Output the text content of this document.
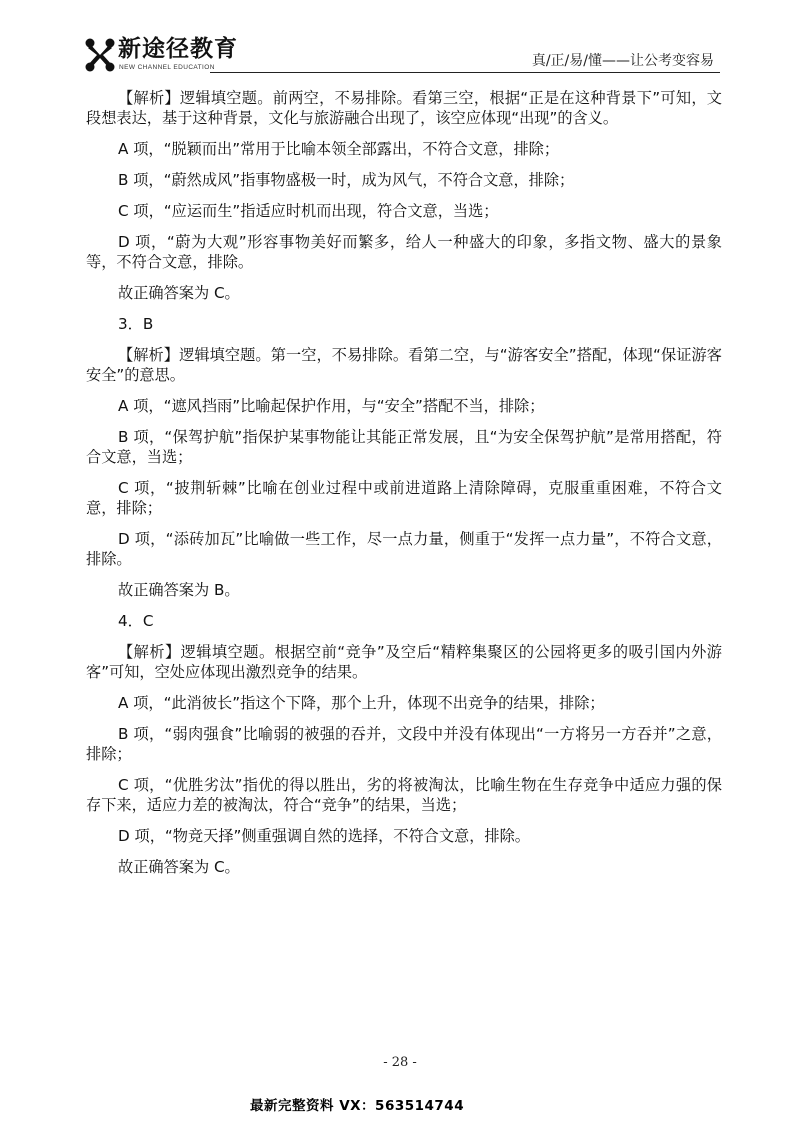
新途径教育
NEW CHANNEL EDUCATION	真/正/易/懂——让公考变容易

【解析】逻辑填空题。前两空，不易排除。看第三空，根据“正是在这种背景下”可知，文段想表达，基于这种背景，文化与旅游融合出现了，该空应体现“出现”的含义。

A 项，“脱颖而出”常用于比喻本领全部露出，不符合文意，排除；

B 项，“蔚然成风”指事物盛极一时，成为风气，不符合文意，排除；

C 项，“应运而生”指适应时机而出现，符合文意，当选；

D 项，“蔚为大观”形容事物美好而繁多，给人一种盛大的印象，多指文物、盛大的景象等，不符合文意，排除。

故正确答案为 C。

3．B

【解析】逻辑填空题。第一空，不易排除。看第二空，与“游客安全”搭配，体现“保证游客安全”的意思。

A 项，“遮风挡雨”比喻起保护作用，与“安全”搭配不当，排除；

B 项，“保驾护航”指保护某事物能让其能正常发展，且“为安全保驾护航”是常用搭配，符合文意，当选；

C 项，“披荆斩棘”比喻在创业过程中或前进道路上清除障碍，克服重重困难，不符合文意，排除；

D 项，“添砖加瓦”比喻做一些工作，尽一点力量，侧重于“发挥一点力量”，不符合文意，排除。

故正确答案为 B。

4．C

【解析】逻辑填空题。根据空前“竞争”及空后“精粹集聚区的公园将更多的吸引国内外游客”可知，空处应体现出激烈竞争的结果。

A 项，“此消彼长”指这个下降，那个上升，体现不出竞争的结果，排除；

B 项，“弱肉强食”比喻弱的被强的吞并，文段中并没有体现出“一方将另一方吞并”之意，排除；

C 项，“优胜劣汰”指优的得以胜出，劣的将被淘汰，比喻生物在生存竞争中适应力强的保存下来，适应力差的被淘汰，符合“竞争”的结果，当选；

D 项，“物竞天择”侧重强调自然的选择，不符合文意，排除。

故正确答案为 C。

- 28 -
最新完整资料 VX：563514744
